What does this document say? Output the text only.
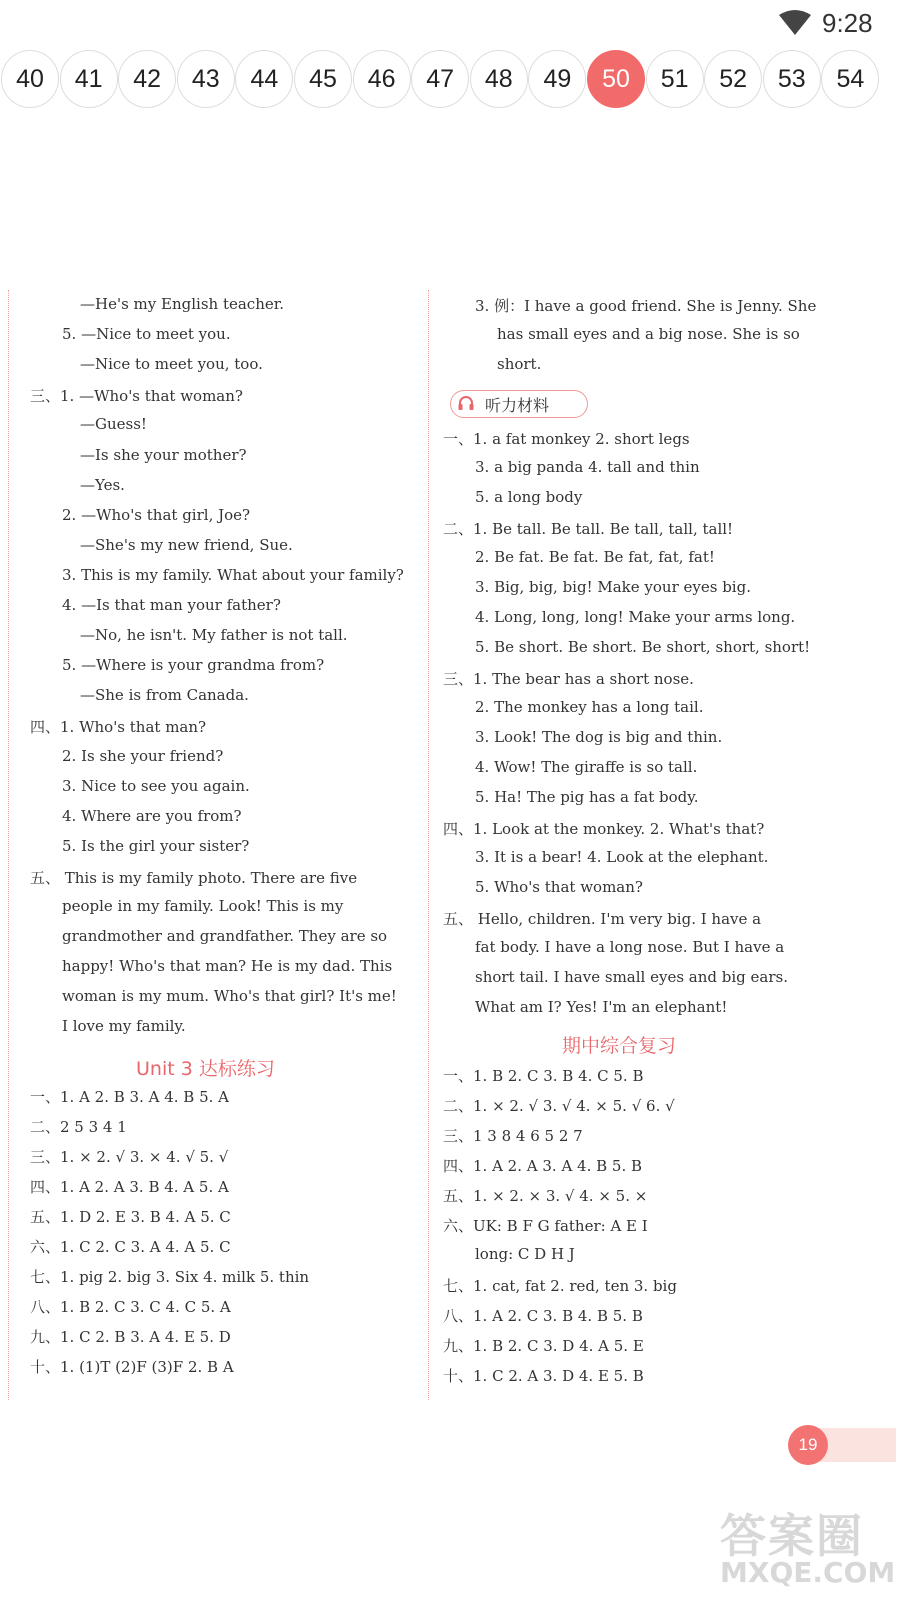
9:28
40	41	42	43	44	45	46	47	48	49	50	51	52	53	54
—He's my English teacher.
5. —Nice to meet you.
—Nice to meet you, too.
三、1. —Who's that woman?
—Guess!
—Is she your mother?
—Yes.
2. —Who's that girl, Joe?
—She's my new friend, Sue.
3. This is my family. What about your family?
4. —Is that man your father?
—No, he isn't. My father is not tall.
5. —Where is your grandma from?
—She is from Canada.
四、1. Who's that man?
2. Is she your friend?
3. Nice to see you again.
4. Where are you from?
5. Is the girl your sister?
五、 This is my family photo. There are five
people in my family. Look! This is my
grandmother and grandfather. They are so
happy! Who's that man? He is my dad. This
woman is my mum. Who's that girl? It's me!
I love my family.
Unit 3 达标练习
一、1. A 2. B 3. A 4. B 5. A
二、2 5 3 4 1
三、1. × 2. √ 3. × 4. √ 5. √
四、1. A 2. A 3. B 4. A 5. A
五、1. D 2. E 3. B 4. A 5. C
六、1. C 2. C 3. A 4. A 5. C
七、1. pig 2. big 3. Six 4. milk 5. thin
八、1. B 2. C 3. C 4. C 5. A
九、1. C 2. B 3. A 4. E 5. D
十、1. (1)T (2)F (3)F 2. B A
3. 例：I have a good friend. She is Jenny. She
has small eyes and a big nose. She is so
short.
一、1. a fat monkey 2. short legs
3. a big panda 4. tall and thin
5. a long body
二、1. Be tall. Be tall. Be tall, tall, tall!
2. Be fat. Be fat. Be fat, fat, fat!
3. Big, big, big! Make your eyes big.
4. Long, long, long! Make your arms long.
5. Be short. Be short. Be short, short, short!
三、1. The bear has a short nose.
2. The monkey has a long tail.
3. Look! The dog is big and thin.
4. Wow! The giraffe is so tall.
5. Ha! The pig has a fat body.
四、1. Look at the monkey. 2. What's that?
3. It is a bear! 4. Look at the elephant.
5. Who's that woman?
五、 Hello, children. I'm very big. I have a
fat body. I have a long nose. But I have a
short tail. I have small eyes and big ears.
What am I? Yes! I'm an elephant!
期中综合复习
一、1. B 2. C 3. B 4. C 5. B
二、1. × 2. √ 3. √ 4. × 5. √ 6. √
三、1 3 8 4 6 5 2 7
四、1. A 2. A 3. A 4. B 5. B
五、1. × 2. × 3. √ 4. × 5. ×
六、UK: B F G father: A E I
long: C D H J
七、1. cat, fat 2. red, ten 3. big
八、1. A 2. C 3. B 4. B 5. B
九、1. B 2. C 3. D 4. A 5. E
十、1. C 2. A 3. D 4. E 5. B
听力材料
19
答案圈
MXQE.COM
